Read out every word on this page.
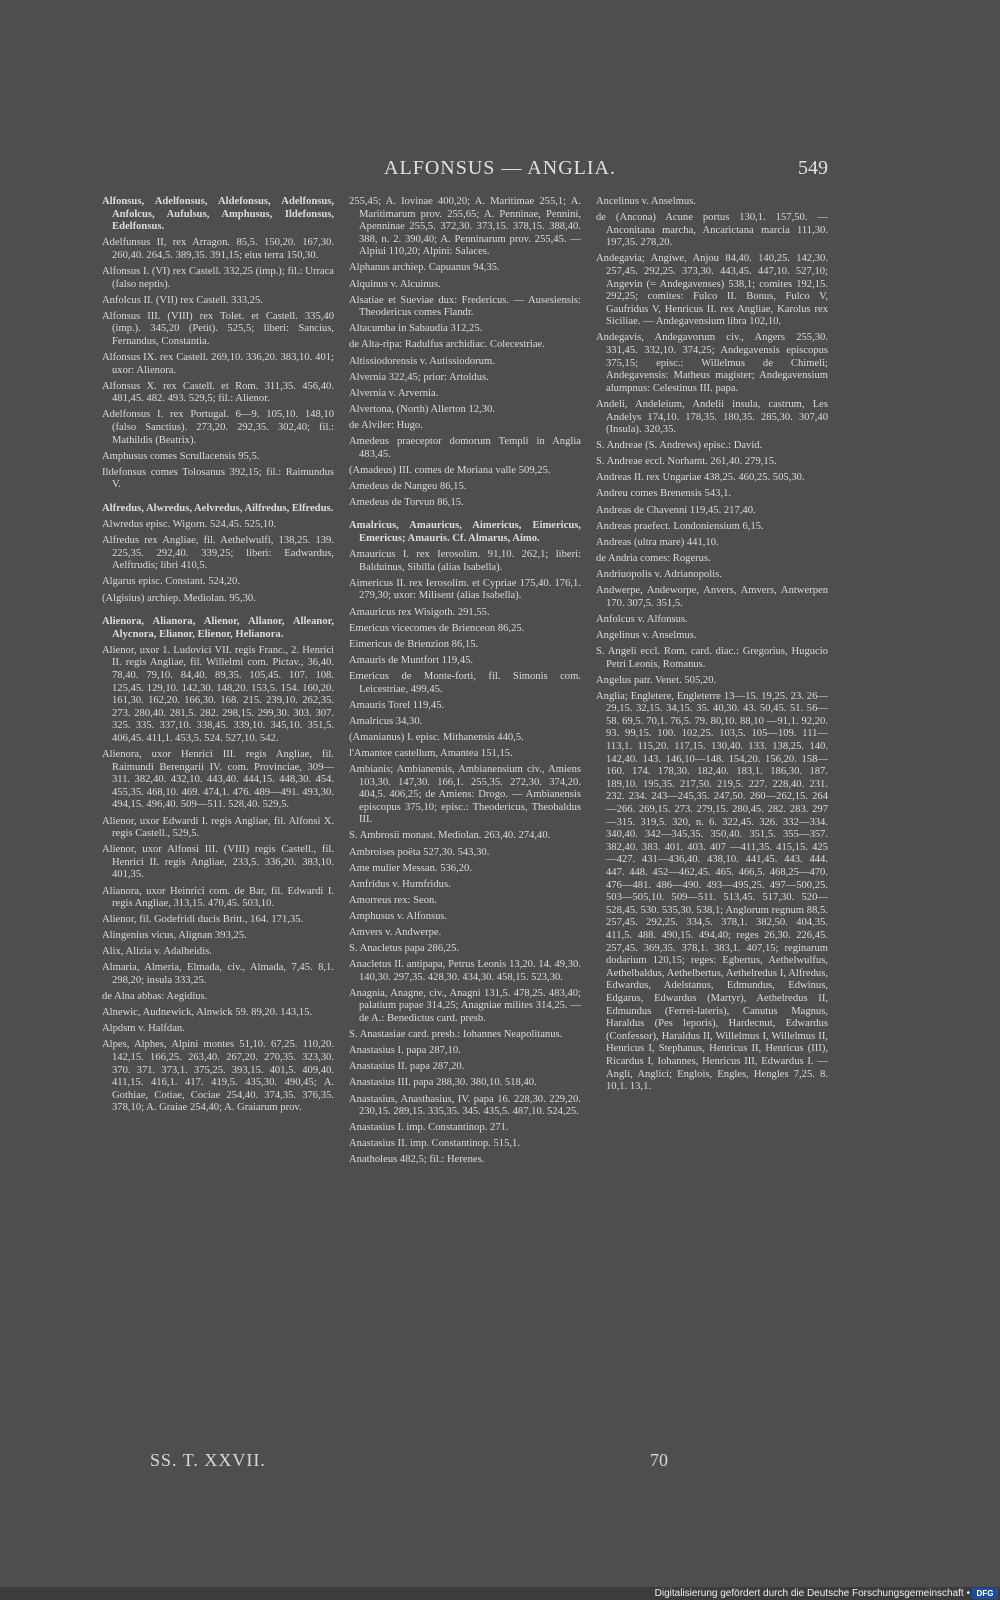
ALFONSUS — ANGLIA.	549

Alfonsus, Adelfonsus, Aldefonsus, Adelfonsus, Anfolcus, Aufulsus, Amphusus, Ildefonsus, Edelfonsus.

Adelfunsus II, rex Arragon. 85,5. 150,20. 167,30. 260,40. 264,5. 389,35. 391,15; eius terra 150,30.

Alfonsus I. (VI) rex Castell. 332,25 (imp.); fil.: Urraca (falso neptis).

Anfolcus II. (VII) rex Castell. 333,25.

Alfonsus III. (VIII) rex Tolet. et Castell. 335,40 (imp.). 345,20 (Petit). 525,5; liberi: Sancius, Fernandus, Constantia.

Alfonsus IX. rex Castell. 269,10. 336,20. 383,10. 401; uxor: Alienora.

Alfonsus X. rex Castell. et Rom. 311,35. 456,40. 481,45. 482. 493. 529,5; fil.: Alienor.

Adelfonsus I. rex Portugal. 6—9. 105,10. 148,10 (falso Sanctius). 273,20. 292,35. 302,40; fil.: Mathildis (Beatrix).

Amphusus comes Scrullacensis 95,5.

Ildefonsus comes Tolosanus 392,15; fil.: Raimundus V.

Alfredus, Alwredus, Aelvredus, Ailfredus, Elfredus.

Alwredus episc. Wigorn. 524,45. 525,10.

Alfredus rex Angliae, fil. Aethelwulfi, 138,25. 139. 225,35. 292,40. 339,25; liberi: Eadwardus, Aelftrudis; libri 410,5.

Algarus episc. Constant. 524,20.

(Algisius) archiep. Mediolan. 95,30.

Alienora, Alianora, Alienor, Allanor, Alleanor, Alycnora, Elianor, Elienor, Helianora.

Alienor, uxor 1. Ludovici VII. regis Franc., 2. Henrici II. regis Angliae, fil. Willelmi com. Pictav., 36,40. 78,40. 79,10. 84,40. 89,35. 105,45. 107. 108. 125,45. 129,10. 142,30. 148,20. 153,5. 154. 160,20. 161,30. 162,20. 166,30. 168. 215. 239,10. 262,35. 273. 280,40. 281,5. 282. 298,15. 299,30. 303. 307. 325. 335. 337,10. 338,45. 339,10. 345,10. 351,5. 406,45. 411,1. 453,5. 524. 527,10. 542.

Alienora, uxor Henrici III. regis Angliae, fil. Raimundi Berengarii IV. com. Provinciae, 309—311. 382,40. 432,10. 443,40. 444,15. 448,30. 454. 455,35. 468,10. 469. 474,1. 476. 489—491. 493,30. 494,15. 496,40. 509—511. 528,40. 529,5.

Alienor, uxor Edwardi I. regis Angliae, fil. Alfonsi X. regis Castell., 529,5.

Alienor, uxor Alfonsi III. (VIII) regis Castell., fil. Henrici II. regis Angliae, 233,5. 336,20. 383,10. 401,35.

Alianora, uxor Heinrici com. de Bar, fil. Edwardi I. regis Angliae, 313,15. 470,45. 503,10.

Alienor, fil. Godefridi ducis Britt., 164. 171,35.

Alingenius vicus, Alignan 393,25.

Alix, Alizia v. Adalheidis.

Almaria, Almeria, Elmada, civ., Almada, 7,45. 8,1. 298,20; insula 333,25.

de Alna abbas: Aegidius.

Alnewic, Audnewick, Alnwick 59. 89,20. 143,15.

Alpdsm v. Halfdan.

Alpes, Alphes, Alpini montes 51,10. 67,25. 110,20. 142,15. 166,25. 263,40. 267,20. 270,35. 323,30. 370. 371. 373,1. 375,25. 393,15. 401,5. 409,40. 411,15. 416,1. 417. 419,5. 435,30. 490,45; A. Gothiae, Cotiae, Cociae 254,40. 374,35. 376,35. 378,10; A. Graiae 254,40; A. Graiarum prov.

255,45; A. Iovinae 400,20; A. Maritimae 255,1; A. Maritimarum prov. 255,65; A. Penninae, Pennini, Apenninae 255,5. 372,30. 373,15. 378,15. 388,40. 388, n. 2. 390,40; A. Penninarum prov. 255,45. — Alpiui 110,20; Alpini: Salaces.

Alphanus archiep. Capuanus 94,35.

Alquinus v. Alcuinus.

Alsatiae et Sueviae dux: Fredericus. — Ausesiensis: Theodericus comes Flandr.

Altacumba in Sabaudia 312,25.

de Alta-ripa: Radulfus archidiac. Colecestriae.

Altissiodorensis v. Autissiodorum.

Alvernia 322,45; prior: Artoldus.

Alvernia v. Arvernia.

Alvertona, (North) Allerton 12,30.

de Alviler: Hugo.

Amedeus praeceptor domorum Templi in Anglia 483,45.

(Amadeus) III. comes de Moriana valle 509,25.

Amedeus de Nangeu 86,15.

Amedeus de Torvun 86,15.

Amalricus, Amauricus, Aimericus, Eimericus, Emericus; Amauris. Cf. Almarus, Aimo.

Amauricus I. rex Ierosolim. 91,10. 262,1; liberi: Balduinus, Sibilla (alias Isabella).

Aimericus II. rex Ierosolim. et Cypriae 175,40. 176,1. 279,30; uxor: Milisent (alias Isabella).

Amauricus rex Wisigoth. 291,55.

Emericus vicecomes de Brienceon 86,25.

Eimericus de Brienzion 86,15.

Amauris de Muntfort 119,45.

Emericus de Monte-forti, fil. Simonis com. Leicestriae, 499,45.

Amauris Torel 119,45.

Amalricus 34,30.

(Amanianus) I. episc. Mithanensis 440,5.

l'Amantee castellum, Amantea 151,15.

Ambianis; Ambianensis, Ambianensium civ., Amiens 103,30. 147,30. 166,1. 255,35. 272,30. 374,20. 404,5. 406,25; de Amiens: Drogo. — Ambianensis episcopus 375,10; episc.: Theodericus, Theobaldus III.

S. Ambrosii monast. Mediolan. 263,40. 274,40.

Ambroises poëta 527,30. 543,30.

Ame mulier Messan. 536,20.

Amfridus v. Humfridus.

Amorreus rex: Seon.

Amphusus v. Alfonsus.

Amvers v. Andwerpe.

S. Anacletus papa 286,25.

Anacletus II. antipapa, Petrus Leonis 13,20. 14. 49,30. 140,30. 297,35. 428,30. 434,30. 458,15. 523,30.

Anagnia, Anagne, civ., Anagni 131,5. 478,25. 483,40; palatium papae 314,25; Anagniae milites 314,25. — de A.: Benedictus card. presb.

S. Anastasiae card. presb.: Iohannes Neapolitanus.

Anastasius I. papa 287,10.

Anastasius II. papa 287,20.

Anastasius III. papa 288,30. 380,10. 518,40.

Anastasius, Anasthasius, IV. papa 16. 228,30. 229,20. 230,15. 289,15. 335,35. 345. 435,5. 487,10. 524,25.

Anastasius I. imp. Constantinop. 271.

Anastasius II. imp. Constantinop. 515,1.

Anatholeus 482,5; fil.: Herenes.

Ancelinus v. Anselmus.

de (Ancona) Acune portus 130,1. 157,50. — Anconitana marcha, Ancarictana marcia 111,30. 197,35. 278,20.

Andegavia; Angiwe, Anjou 84,40. 140,25. 142,30. 257,45. 292,25. 373,30. 443,45. 447,10. 527,10; Angevin (= Andegavenses) 538,1; comites 192,15. 292,25; comites: Fulco II. Bonus, Fulco V, Gaufridus V, Henricus II. rex Angliae, Karolus rex Siciliae. — Andegavensium libra 102,10.

Andegavis, Andegavorum civ., Angers 255,30. 331,45. 332,10. 374,25; Andegavensis episcopus 375,15; episc.: Willelmus de Chimeli; Andegavensis: Matheus magister; Andegavensium alumpnus: Celestinus III. papa.

Andeli, Andeleium, Andelii insula, castrum, Les Andelys 174,10. 178,35. 180,35. 285,30. 307,40 (Insula). 320,35.

S. Andreae (S. Andrews) episc.: David.

S. Andreae eccl. Norhamt. 261,40. 279,15.

Andreas II. rex Ungariae 438,25. 460,25. 505,30.

Andreu comes Brenensis 543,1.

Andreas de Chavenni 119,45. 217,40.

Andreas praefect. Londoniensium 6,15.

Andreas (ultra mare) 441,10.

de Andria comes: Rogerus.

Andriuopolis v. Adrianopolis.

Andwerpe, Andeworpe, Anvers, Amvers, Antwerpen 170. 307,5. 351,5.

Anfolcus v. Alfonsus.

Angelinus v. Anselmus.

S. Angeli eccl. Rom. card. diac.: Gregorius, Hugucio Petri Leonis, Romanus.

Angelus patr. Venet. 505,20.

Anglia; Engletere, Engleterre 13—15. 19,25. 23. 26—29,15. 32,15. 34,15. 35. 40,30. 43. 50,45. 51. 56—58. 69,5. 70,1. 76,5. 79. 80,10. 88,10 —91,1. 92,20. 93. 99,15. 100. 102,25. 103,5. 105—109. 111—113,1. 115,20. 117,15. 130,40. 133. 138,25. 140. 142,40. 143. 146,10—148. 154,20. 156,20. 158—160. 174. 178,30. 182,40. 183,1. 186,30. 187. 189,10. 195,35. 217,50. 219,5. 227. 228,40. 231. 232. 234. 243—245,35. 247,50. 260—262,15. 264—266. 269,15. 273. 279,15. 280,45. 282. 283. 297—315. 319,5. 320, n. 6. 322,45. 326. 332—334. 340,40. 342—345,35. 350,40. 351,5. 355—357. 382,40. 383. 401. 403. 407 —411,35. 415,15. 425—427. 431—436,40. 438,10. 441,45. 443. 444. 447. 448. 452—462,45. 465. 466,5. 468,25—470. 476—481. 486—490. 493—495,25. 497—500,25. 503—505,10. 509—511. 513,45. 517,30. 520—528,45. 530. 535,30. 538,1; Anglorum regnum 88,5. 257,45. 292,25. 334,5. 378,1. 382,50. 404,35. 411,5. 488. 490,15. 494,40; reges 26,30. 226,45. 257,45. 369,35. 378,1. 383,1. 407,15; reginarum dodarium 120,15; reges: Egbertus, Aethelwulfus, Aethelbaldus, Aethelbertus, Aethelredus I, Alfredus, Edwardus, Adelstanus, Edmundus, Edwinus, Edgarus, Edwardus (Martyr), Aethelredus II, Edmundus (Ferrei-lateris), Canutus Magnus, Haraldus (Pes leporis), Hardecnut, Edwardus (Confessor), Haraldus II, Willelmus I, Willelmus II, Henricus I, Stephanus, Henricus II, Henricus (III), Ricardus I, Iohannes, Henricus III, Edwardus I. — Angli, Anglici; Englois, Engles, Hengles 7,25. 8. 10,1. 13,1.

SS. T. XXVII.	70
Digitalisierung gefördert durch die Deutsche Forschungsgemeinschaft • DFG
